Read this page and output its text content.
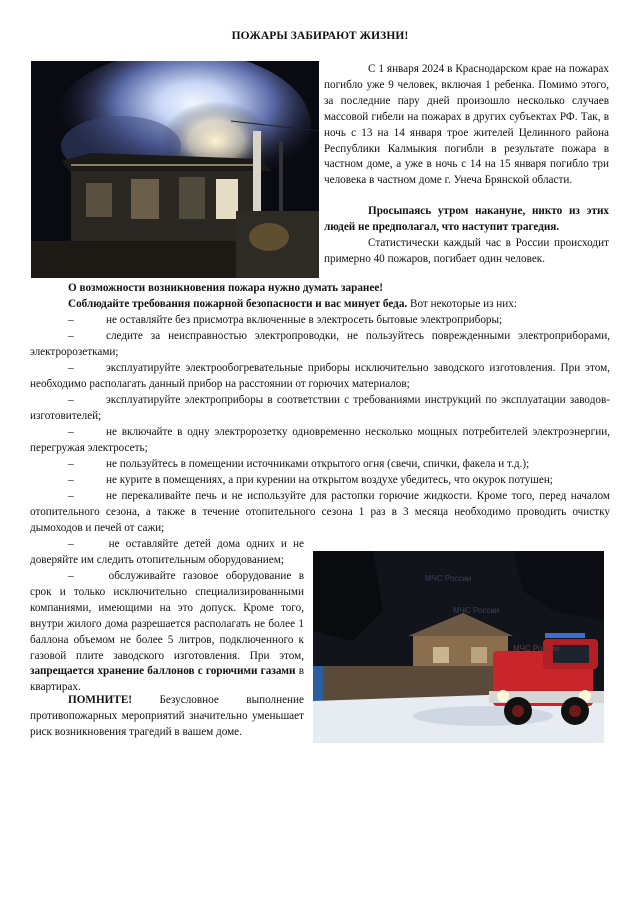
ПОЖАРЫ ЗАБИРАЮТ ЖИЗНИ!

С 1 января 2024 в Краснодарском крае на пожарах погибло уже 9 человек, включая 1 ребенка. Помимо этого, за последние пару дней произошло несколько случаев массовой гибели на пожарах в других субъектах РФ. Так, в ночь с 13 на 14 января трое жителей Целинного района Республики Калмыкия погибли в результате пожара в частном доме, а уже в ночь с 14 на 15 января погибло три человека в частном доме г. Унеча Брянской области.

Просыпаясь утром накануне, никто из этих людей не предполагал, что наступит трагедия.

Статистически каждый час в России происходит примерно 40 пожаров, погибает один человек.

О возможности возникновения пожара нужно думать заранее!

Соблюдайте требования пожарной безопасности и вас минует беда. Вот некоторые из них:

–	не оставляйте без присмотра включенные в электросеть бытовые электроприборы;

–	следите за неисправностью электропроводки, не пользуйтесь поврежденными электроприборами, электророзетками;

–	эксплуатируйте электрообогревательные приборы исключительно заводского изготовления. При этом, необходимо располагать данный прибор на расстоянии от горючих материалов;

–	эксплуатируйте электроприборы в соответствии с требованиями инструкций по эксплуатации заводов-изготовителей;

–	не включайте в одну электророзетку одновременно несколько мощных потребителей электроэнергии, перегружая электросеть;

–	не пользуйтесь в помещении источниками открытого огня (свечи, спички, факела и т.д.);

–	не курите в помещениях, а при курении на открытом воздухе убедитесь, что окурок потушен;

–	не перекаливайте печь и не используйте для растопки горючие жидкости. Кроме того, перед началом отопительного сезона, а также в течение отопительного сезона 1 раз в 3 месяца необходимо проводить очистку дымоходов и печей от сажи;

–	не оставляйте детей дома одних и не доверяйте им следить отопительным оборудованием;

–	обслуживайте газовое оборудование в срок и только исключительно специализированными компаниями, имеющими на это допуск. Кроме того, внутри жилого дома разрешается располагать не более 1 баллона объемом не более 5 литров, подключенного к газовой плите заводского изготовления. При этом, запрещается хранение баллонов с горючими газами в квартирах.

ПОМНИТЕ! Безусловное выполнение противопожарных мероприятий значительно уменьшает риск возникновения трагедий в вашем доме.

МЧС России
МЧС России
МЧС России
